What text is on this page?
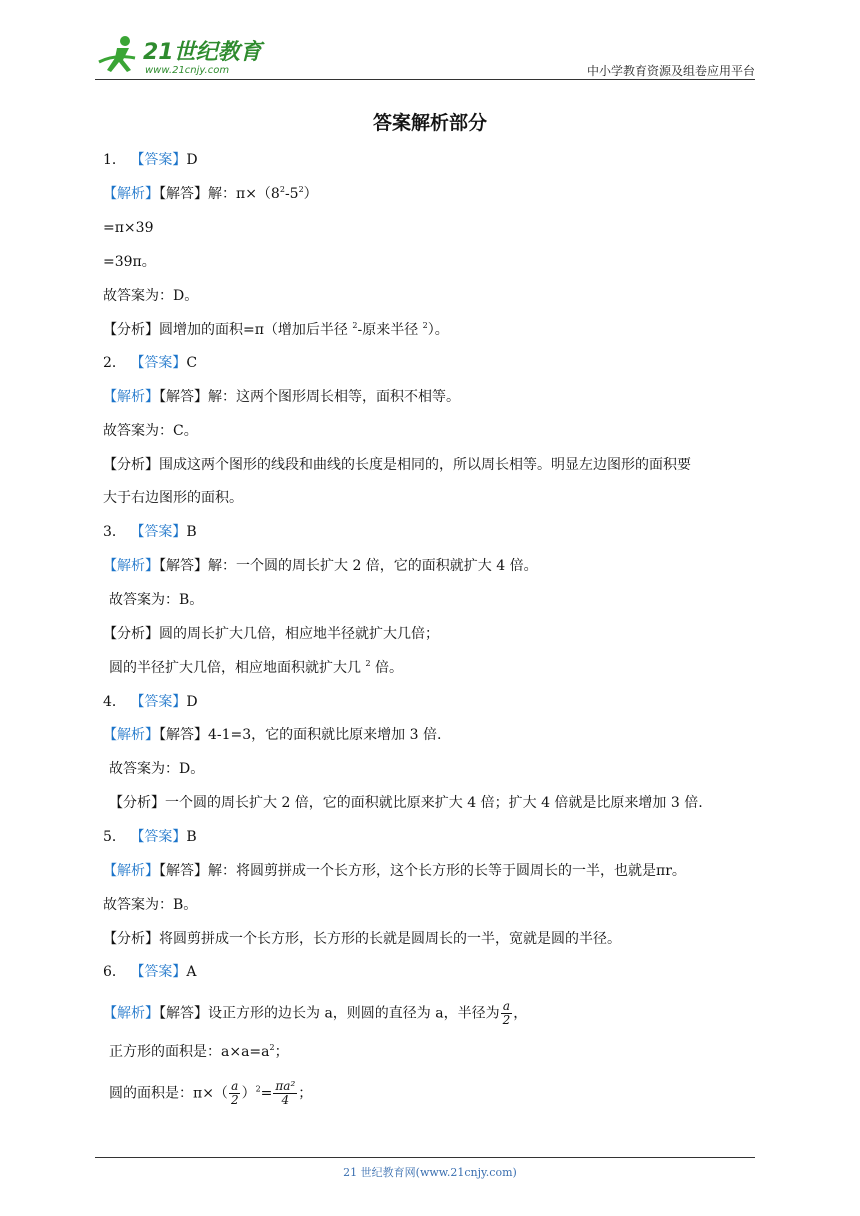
21世纪教育
www.21cnjy.com	中小学教育资源及组卷应用平台
答案解析部分
1． 【答案】D
【解析】【解答】解：$\pi\times(8^2-5^2)$
=π×39
=39π。
故答案为：D。
【分析】圆增加的面积=π（增加后半径 $^2$-原来半径 $^2$）。
2． 【答案】C
【解析】【解答】解：这两个图形周长相等，面积不相等。
故答案为：C。
【分析】围成这两个图形的线段和曲线的长度是相同的，所以周长相等。明显左边图形的面积要
大于右边图形的面积。
3． 【答案】B
【解析】【解答】解：一个圆的周长扩大 2 倍，它的面积就扩大 4 倍。
故答案为：B。
【分析】圆的周长扩大几倍，相应地半径就扩大几倍；
圆的半径扩大几倍，相应地面积就扩大几 $^2$ 倍。
4． 【答案】D
【解析】【解答】4-1=3，它的面积就比原来增加 3 倍.
故答案为：D。
【分析】一个圆的周长扩大 2 倍，它的面积就比原来扩大 4 倍；扩大 4 倍就是比原来增加 3 倍.
5． 【答案】B
【解析】【解答】解：将圆剪拼成一个长方形，这个长方形的长等于圆周长的一半，也就是πr。
故答案为：B。
【分析】将圆剪拼成一个长方形，长方形的长就是圆周长的一半，宽就是圆的半径。
6． 【答案】A
【解析】【解答】设正方形的边长为 a，则圆的直径为 a，半径为 $\frac{a}{2}$ ，
正方形的面积是：$a\times a=a^2$；
圆的面积是：$\pi\times( \frac{a}{2} )^2= \frac{\text{πa²}}{4}$ ；
21 世纪教育网(www.21cnjy.com)
